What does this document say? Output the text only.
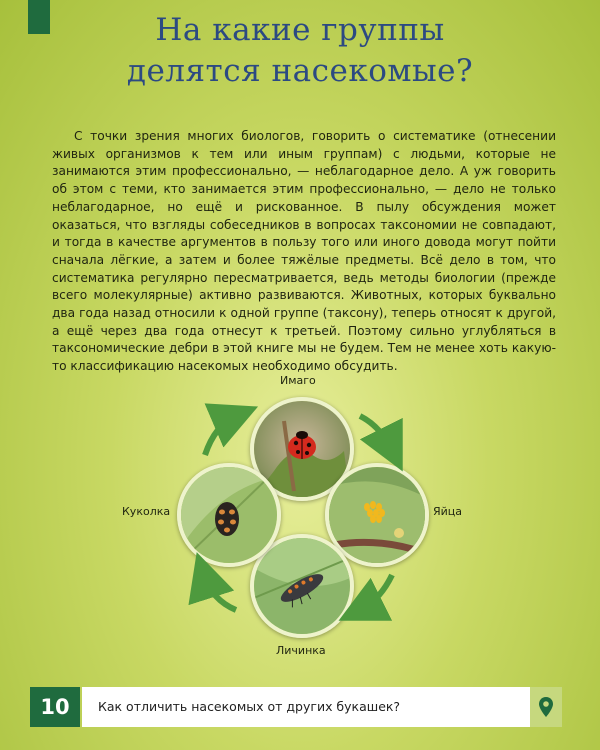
На какие группы
делятся насекомые?

С точки зрения многих биологов, говорить о систематике (отнесении живых организмов к тем или иным группам) с людьми, которые не занимаются этим профессионально, — неблагодарное дело. А уж говорить об этом с теми, кто занимается этим профессионально, — дело не только неблагодарное, но ещё и рискованное. В пылу обсуждения может оказаться, что взгляды собеседников в вопросах таксономии не совпадают, и тогда в качестве аргументов в пользу того или иного довода могут пойти сначала лёгкие, а затем и более тяжёлые предметы. Всё дело в том, что систематика регулярно пересматривается, ведь методы биологии (прежде всего молекулярные) активно развиваются. Животных, которых буквально два года назад относили к одной группе (таксону), теперь относят к другой, а ещё через два года отнесут к третьей. Поэтому сильно углубляться в таксономические дебри в этой книге мы не будем. Тем не менее хоть какую-то классификацию насекомых необходимо обсудить.

Имаго
Яйца
Личинка
Куколка
10	Как отличить насекомых от других букашек?
